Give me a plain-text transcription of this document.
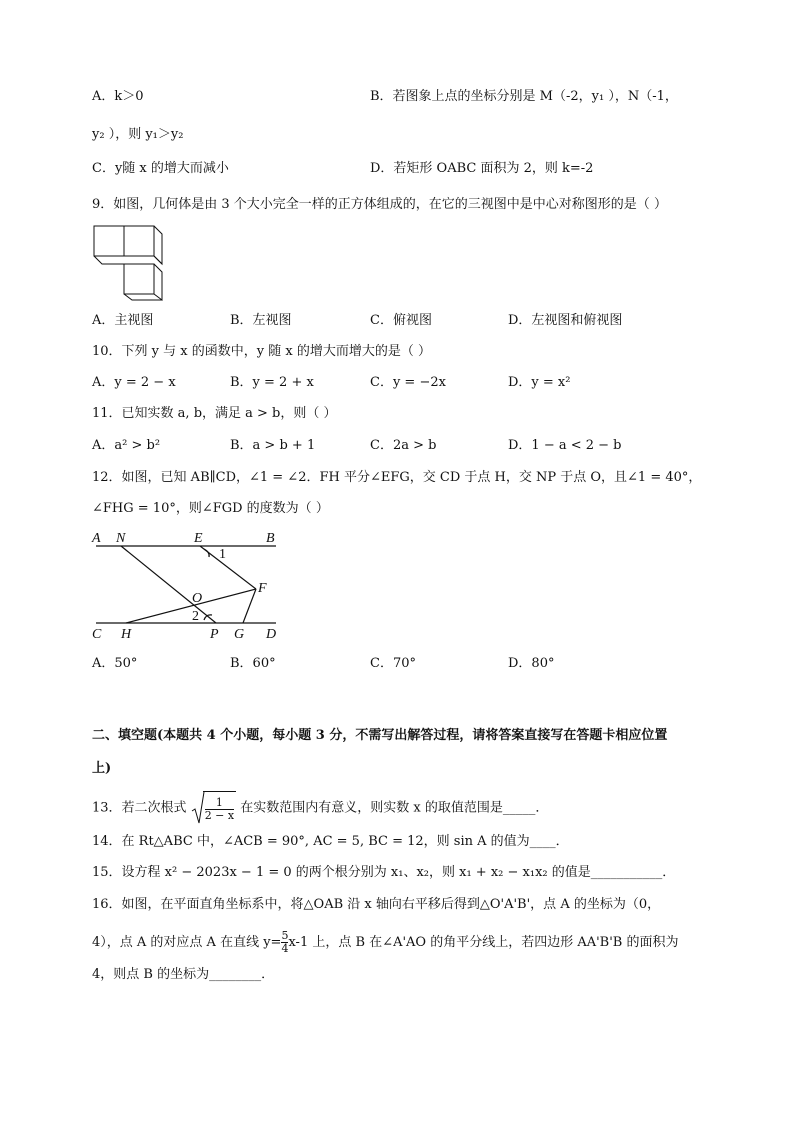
A．k＞0	B．若图象上点的坐标分别是 M（-2，y₁ ），N（-1，
y₂ ），则 y₁＞y₂
C．y随 x 的增大而减小	D．若矩形 OABC 面积为 2，则 k=-2
9．如图，几何体是由 3 个大小完全一样的正方体组成的，在它的三视图中是中心对称图形的是（ ）
A．主视图	B．左视图	C．俯视图	D．左视图和俯视图
10．下列 y 与 x 的函数中，y 随 x 的增大而增大的是（ ）
A．y = 2 − x	B．y = 2 + x	C．y = −2x	D．y = x²
11．已知实数 a, b，满足 a > b，则（ ）
A．a² > b²	B．a > b + 1	C．2a > b	D．1 − a < 2 − b
12．如图，已知 AB∥CD，∠1 = ∠2．FH 平分∠EFG，交 CD 于点 H，交 NP 于点 O，且∠1 = 40°，
∠FHG = 10°，则∠FGD 的度数为（ ）
A N	E	B
1
F
O
2
C H	P G D
A．50°	B．60°	C．70°	D．80°
二、填空题(本题共 4 个小题，每小题 3 分，不需写出解答过程，请将答案直接写在答题卡相应位置
上)
13．若二次根式 $\frac{1}{2 - x}$ 在实数范围内有意义，则实数 x 的取值范围是_____．
14．在 Rt△ABC 中，∠ACB = 90°, AC = 5, BC = 12，则 sin A 的值为____．
15．设方程 x² − 2023x − 1 = 0 的两个根分别为 x₁、x₂，则 x₁ + x₂ − x₁x₂ 的值是___________．
16．如图，在平面直角坐标系中，将△OAB 沿 x 轴向右平移后得到△O'A'B'，点 A 的坐标为（0，
4），点 A 的对应点 A 在直线 $y= \frac{5}{4} x-1$ 上，点 B 在∠A'AO 的角平分线上，若四边形 AA'B'B 的面积为
4，则点 B 的坐标为________．
